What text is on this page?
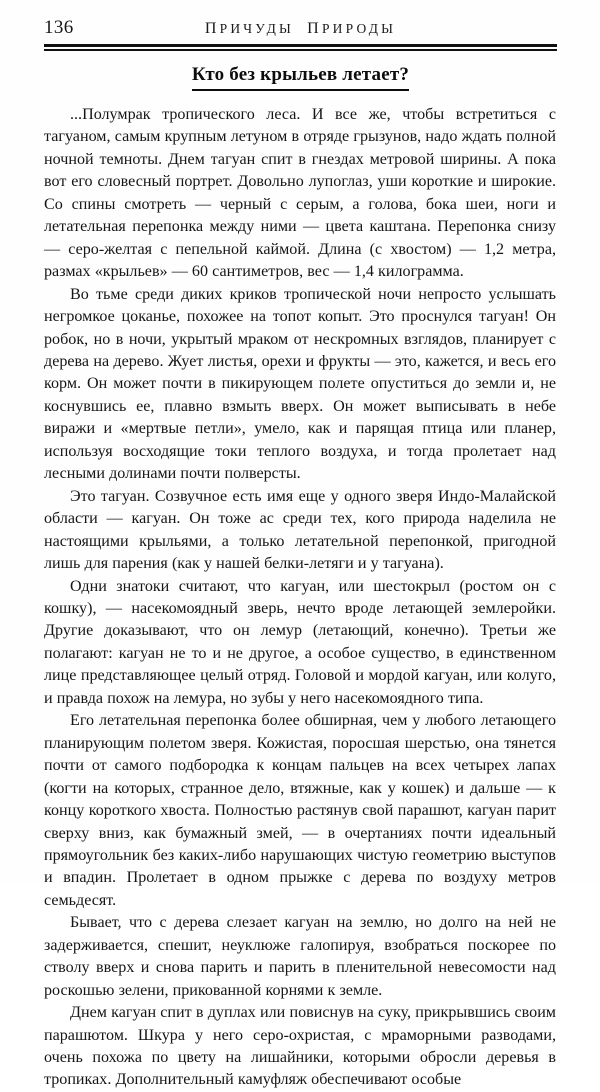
136	ПРИЧУДЫ  ПРИРОДЫ
Кто без крыльев летает?

...Полумрак тропического леса. И все же, чтобы встретиться с тагуаном, самым крупным летуном в отряде грызунов, надо ждать полной ночной темноты. Днем тагуан спит в гнездах метровой ширины. А пока вот его словесный портрет. Довольно лупоглаз, уши короткие и широкие. Со спины смотреть — черный с серым, а голова, бока шеи, ноги и летательная перепонка между ними — цвета каштана. Перепонка снизу — серо-желтая с пепельной каймой. Длина (с хвостом) — 1,2 метра, размах «крыльев» — 60 сантиметров, вес — 1,4 килограмма.

Во тьме среди диких криков тропической ночи непросто услышать негромкое цоканье, похожее на топот копыт. Это проснулся тагуан! Он робок, но в ночи, укрытый мраком от нескромных взглядов, планирует с дерева на дерево. Жует листья, орехи и фрукты — это, кажется, и весь его корм. Он может почти в пикирующем полете опуститься до земли и, не коснувшись ее, плавно взмыть вверх. Он может выписывать в небе виражи и «мертвые петли», умело, как и парящая птица или планер, используя восходящие токи теплого воздуха, и тогда пролетает над лесными долинами почти полверсты.

Это тагуан. Созвучное есть имя еще у одного зверя Индо-Малайской области — кагуан. Он тоже ас среди тех, кого природа наделила не настоящими крыльями, а только летательной перепонкой, пригодной лишь для парения (как у нашей белки-летяги и у тагуана).

Одни знатоки считают, что кагуан, или шестокрыл (ростом он с кошку), — насекомоядный зверь, нечто вроде летающей землеройки. Другие доказывают, что он лемур (летающий, конечно). Третьи же полагают: кагуан не то и не другое, а особое существо, в единственном лице представляющее целый отряд. Головой и мордой кагуан, или колуго, и правда похож на лемура, но зубы у него насекомоядного типа.

Его летательная перепонка более обширная, чем у любого летающего планирующим полетом зверя. Кожистая, поросшая шерстью, она тянется почти от самого подбородка к концам пальцев на всех четырех лапах (когти на которых, странное дело, втяжные, как у кошек) и дальше — к концу короткого хвоста. Полностью растянув свой парашют, кагуан парит сверху вниз, как бумажный змей, — в очертаниях почти идеальный прямоугольник без каких-либо нарушающих чистую геометрию выступов и впадин. Пролетает в одном прыжке с дерева по воздуху метров семьдесят.

Бывает, что с дерева слезает кагуан на землю, но долго на ней не задерживается, спешит, неуклюже галопируя, взобраться поскорее по стволу вверх и снова парить и парить в пленительной невесомости над роскошью зелени, прикованной корнями к земле.

Днем кагуан спит в дуплах или повиснув на суку, прикрывшись своим парашютом. Шкура у него серо-охристая, с мраморными разводами, очень похожа по цвету на лишайники, которыми обросли деревья в тропиках. Дополнительный камуфляж обеспечивают особые
